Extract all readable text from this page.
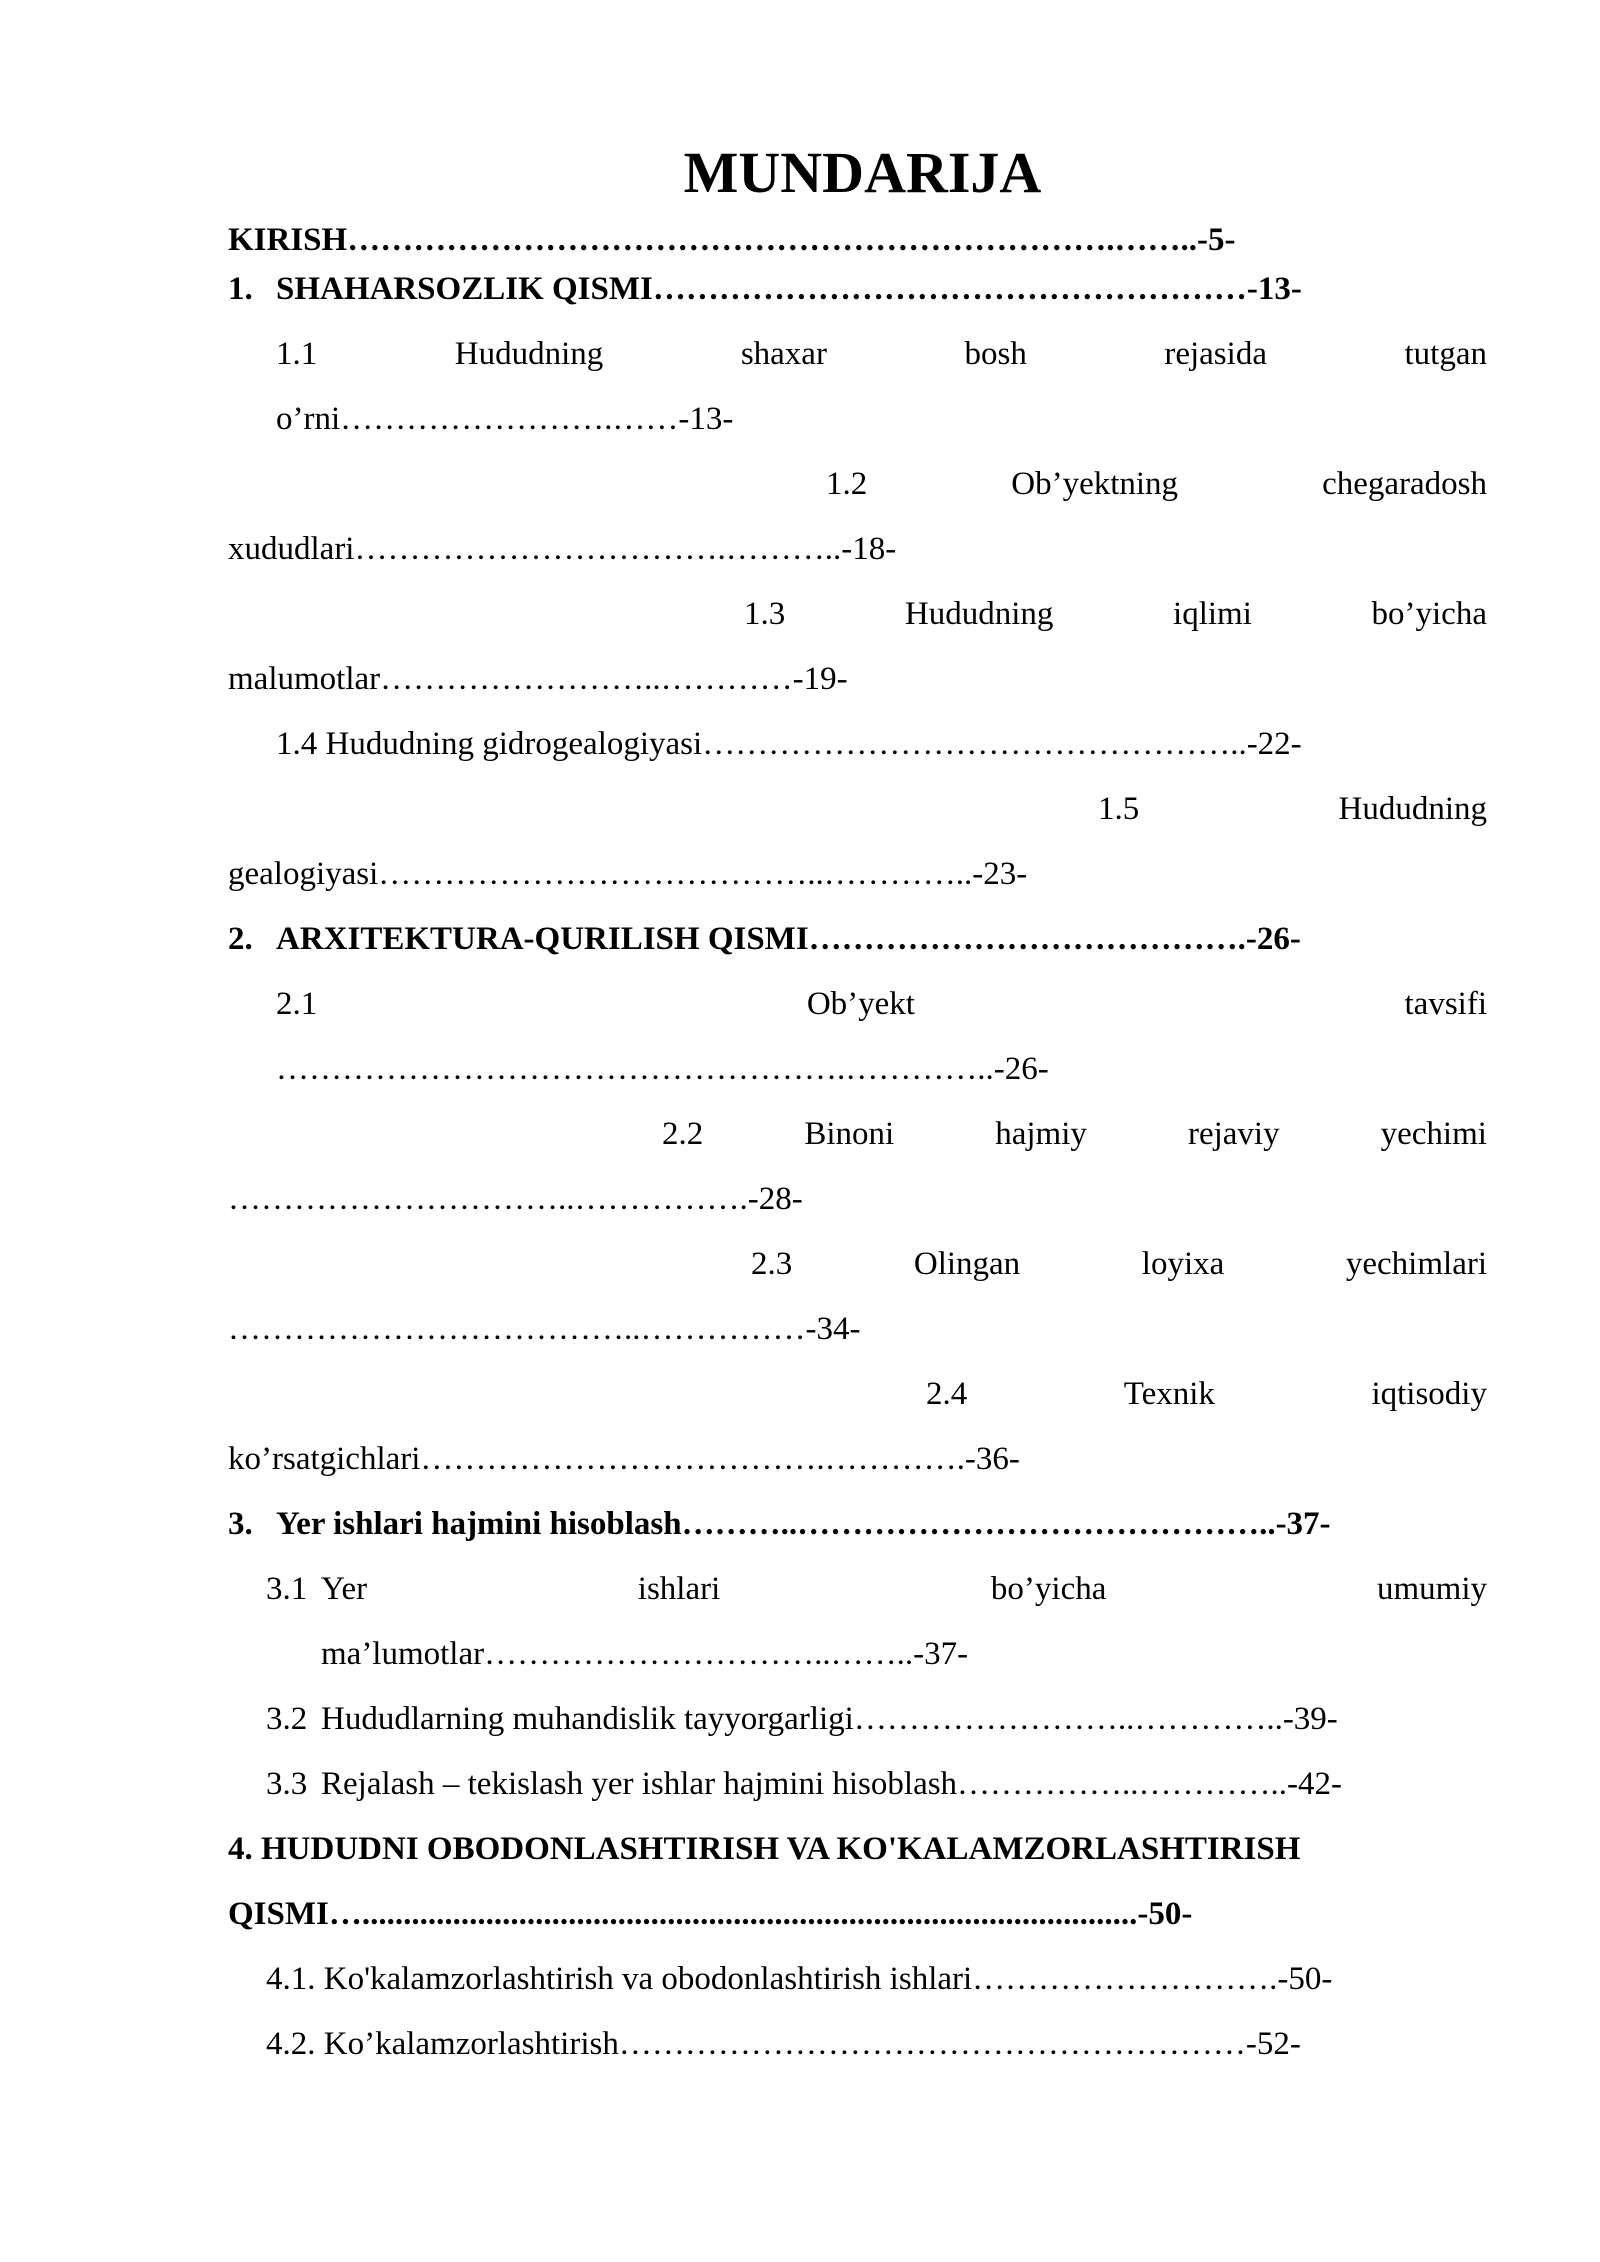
MUNDARIJA
KIRISH…………………………………………………………….……..-5-
1. SHAHARSOZLIK QISMI………………………………………………-13-
1.1	Hududning	shaxar	bosh	rejasida	tutgan
o’rni…………………….……-13-
1.2	Ob’yektning	chegaradosh
xududlari…………………………….………..-18-
1.3	Hududning	iqlimi	bo’yicha
malumotlar……………………..…………-19-
1.4 Hududning gidrogealogiyasi…………………………………………..-22-
1.5	Hududning
gealogiyasi…………………………………..…………..-23-
2. ARXITEKTURA-QURILISH QISMI………………………………….-26-
2.1	Ob’yekt	tavsifi
…………………………………………….…………..-26-
2.2	Binoni	hajmiy	rejaviy	yechimi
…………………………..…………….-28-
2.3	Olingan	loyixa	yechimlari
………………………………..……………-34-
2.4	Texnik	iqtisodiy
ko’rsatgichlari……………………………….………….-36-
3. Yer ishlari hajmini hisoblash………..……………………………………..-37-
3.1 Yer	ishlari	bo’yicha	umumiy
ma’lumotlar…………………………..……..-37-
3.2 Hududlarning muhandislik tayyorgarligi……………………..…………..-39-
3.3 Rejalash – tekislash yer ishlar hajmini hisoblash……………..…………..-42-
4. HUDUDNI OBODONLASHTIRISH VA KO'KALAMZORLASHTIRISH
QISMI…..............................................................................................-50-
4.1. Ko'kalamzorlashtirish va obodonlashtirish ishlari……………………….-50-
4.2. Ko’kalamzorlashtirish…………………………………………………-52-
